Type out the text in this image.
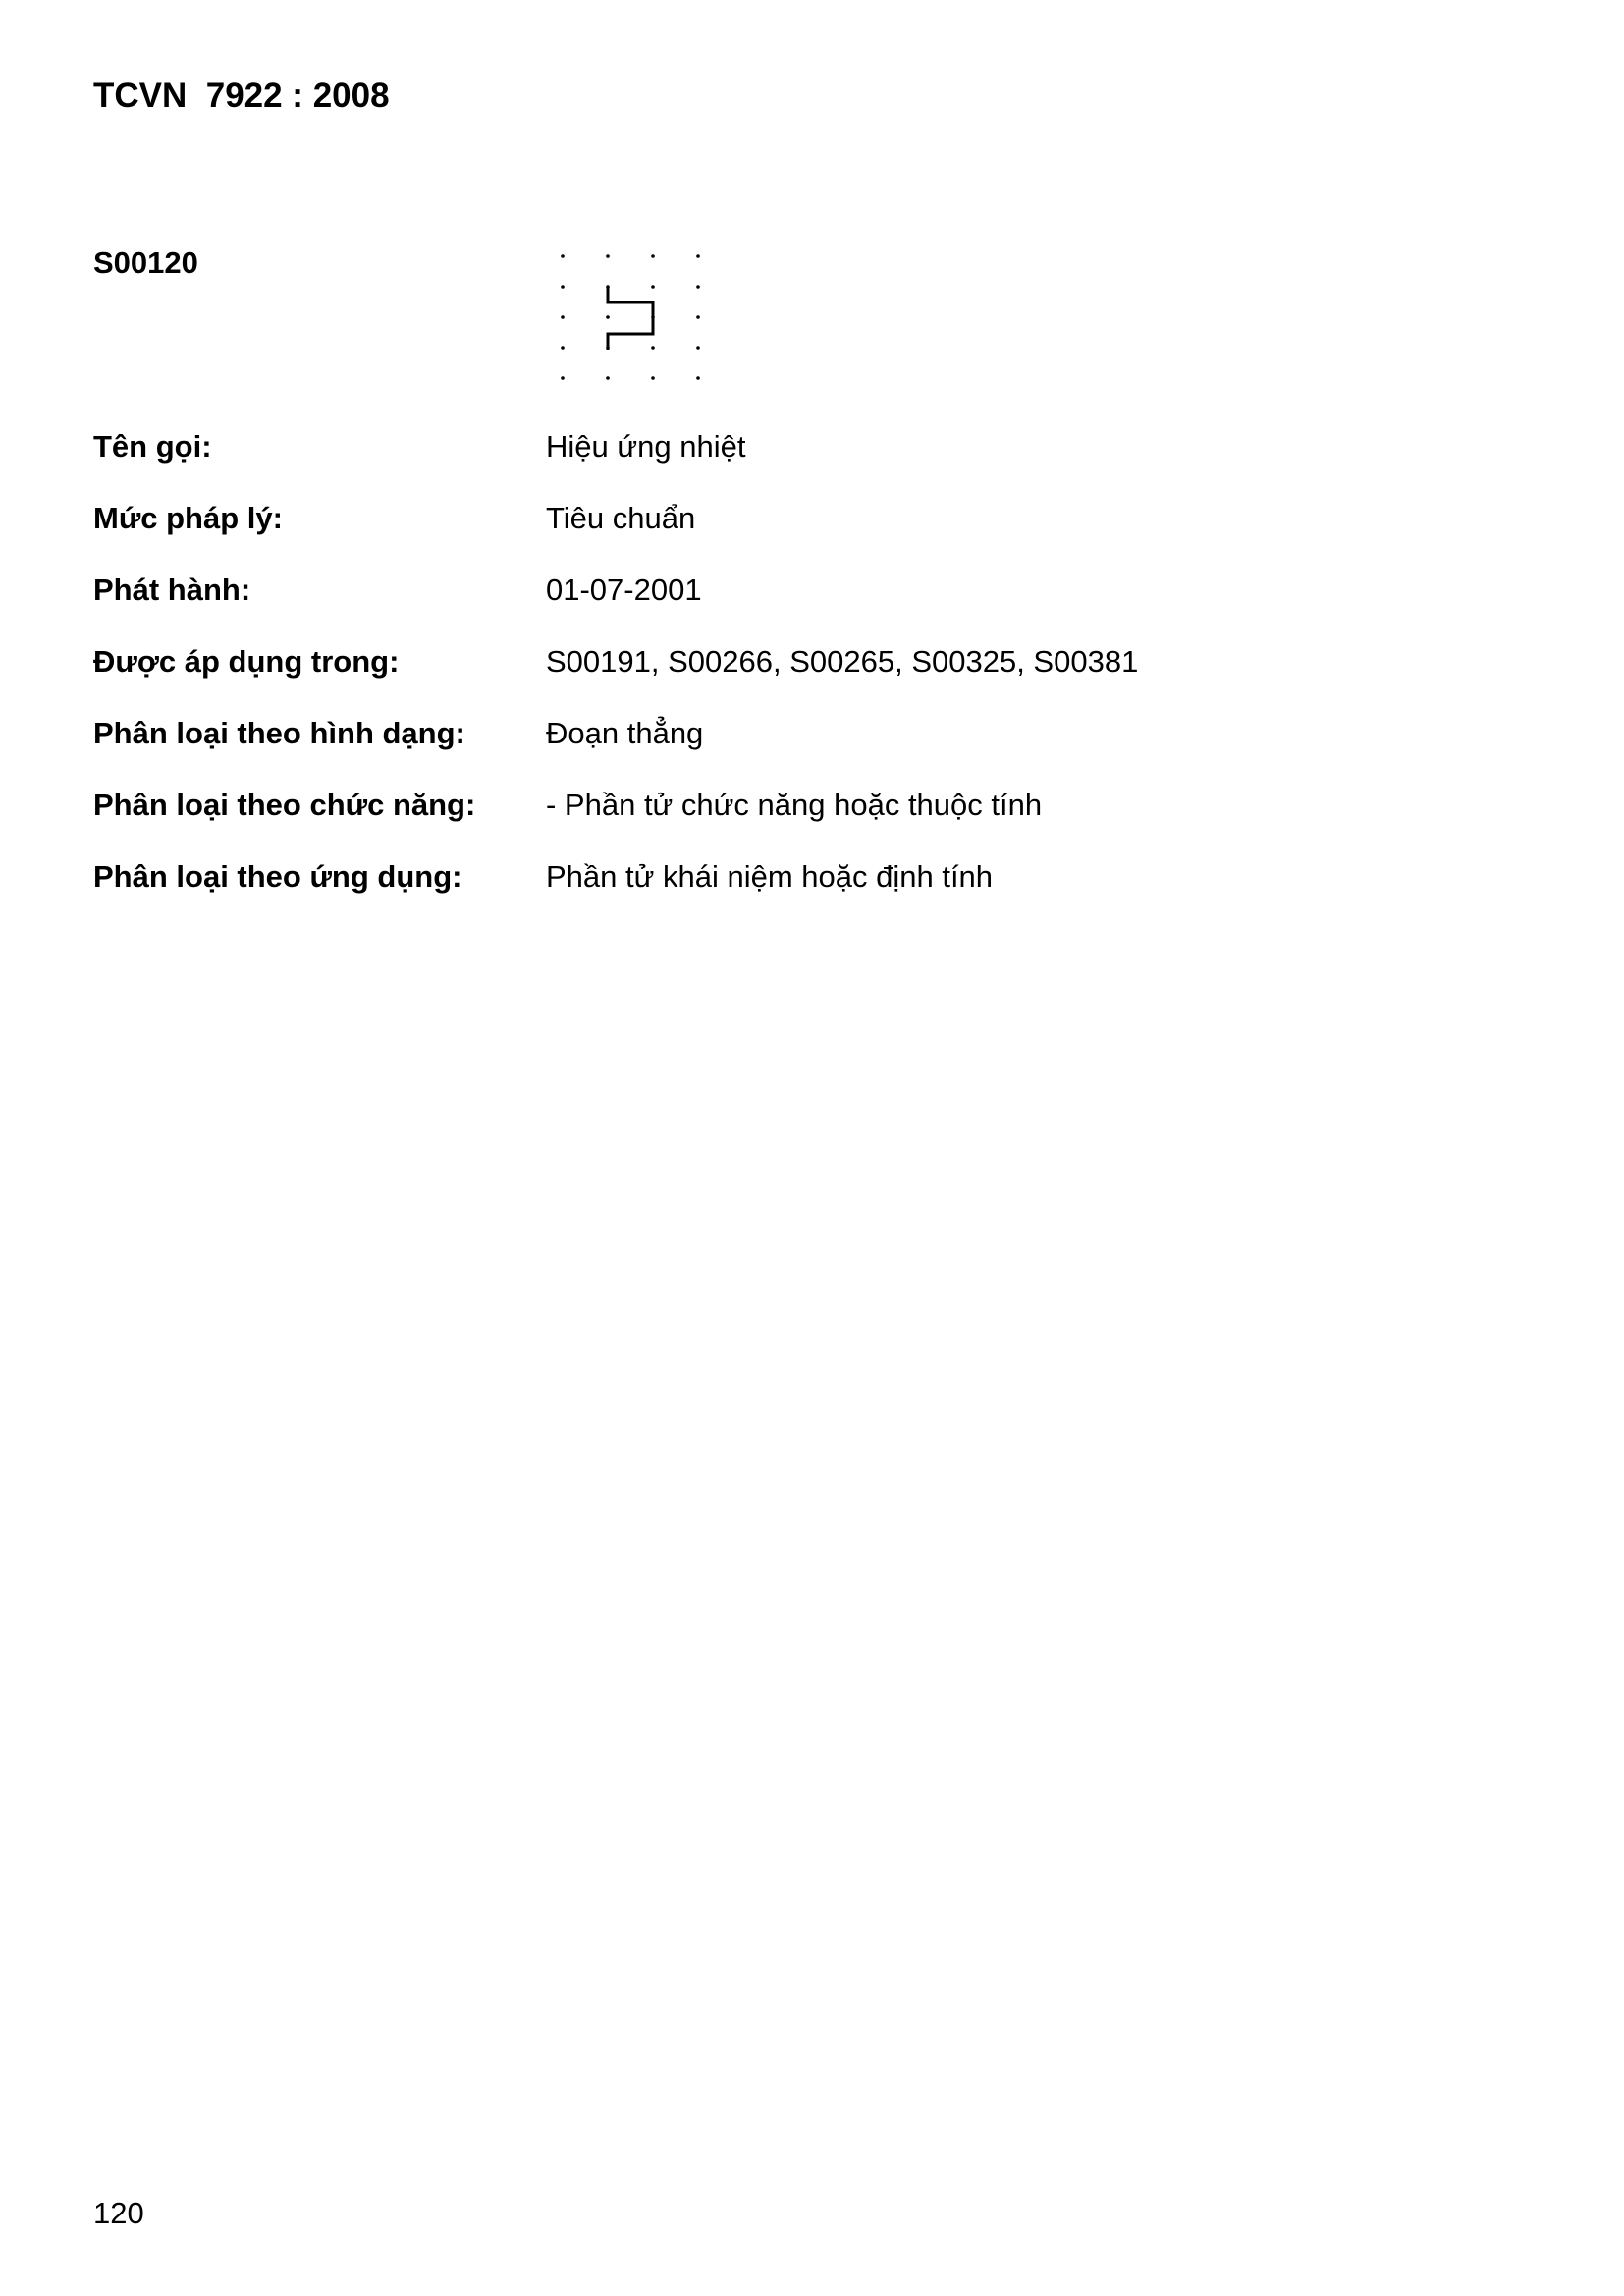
TCVN  7922 : 2008
S00120
Tên gọi:	Hiệu ứng nhiệt
Mức pháp lý:	Tiêu chuẩn
Phát hành:	01-07-2001
Được áp dụng trong:	S00191, S00266, S00265, S00325, S00381
Phân loại theo hình dạng:	Đoạn thẳng
Phân loại theo chức năng:	- Phần tử chức năng hoặc thuộc tính
Phân loại theo ứng dụng:	Phần tử khái niệm hoặc định tính
120
